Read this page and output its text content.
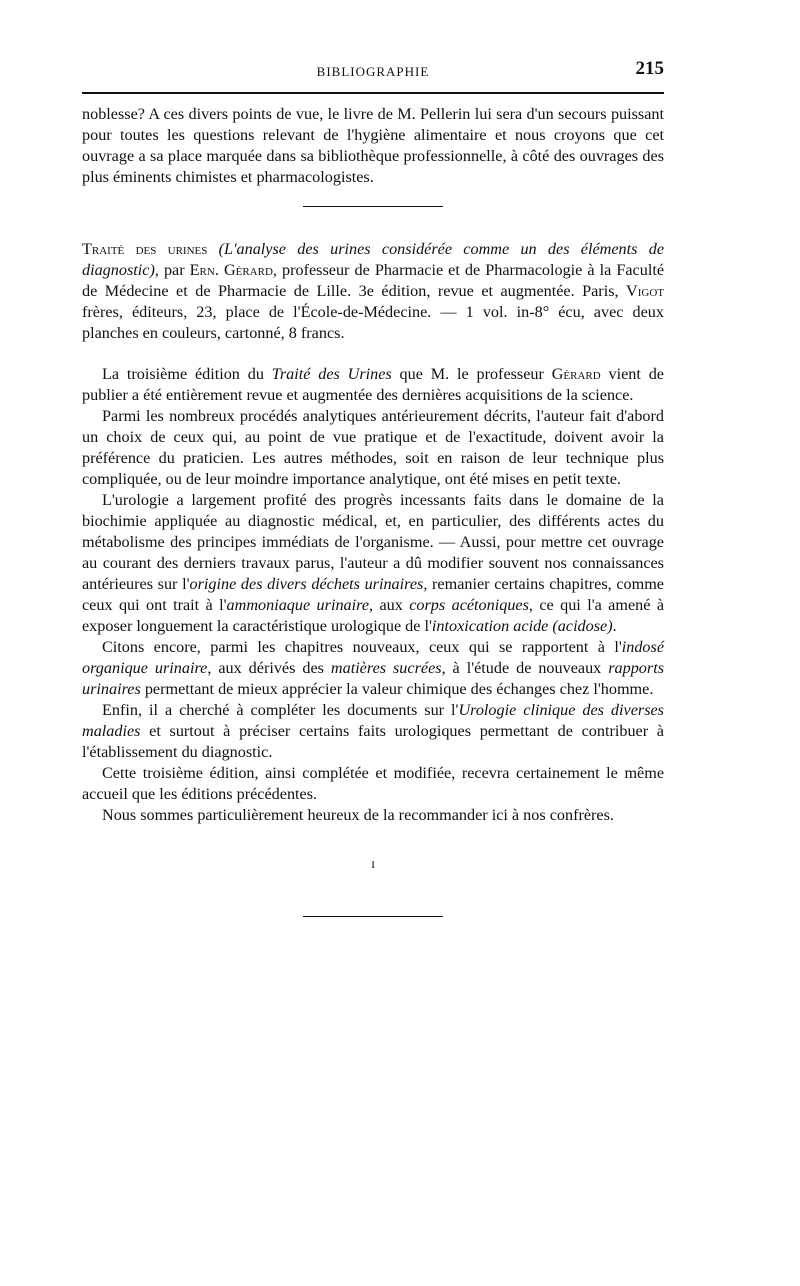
BIBLIOGRAPHIE	215

noblesse? A ces divers points de vue, le livre de M. Pellerin lui sera d'un secours puissant pour toutes les questions relevant de l'hygiène alimentaire et nous croyons que cet ouvrage a sa place marquée dans sa bibliothèque professionnelle, à côté des ouvrages des plus éminents chimistes et pharmacologistes.

Traité des urines (L'analyse des urines considérée comme un des éléments de diagnostic), par Ern. Gérard, professeur de Pharmacie et de Pharmacologie à la Faculté de Médecine et de Pharmacie de Lille. 3e édition, revue et augmentée. Paris, Vigot frères, éditeurs, 23, place de l'École-de-Médecine. — 1 vol. in-8° écu, avec deux planches en couleurs, cartonné, 8 francs.

La troisième édition du Traité des Urines que M. le professeur Gérard vient de publier a été entièrement revue et augmentée des dernières acquisitions de la science.

Parmi les nombreux procédés analytiques antérieurement décrits, l'auteur fait d'abord un choix de ceux qui, au point de vue pratique et de l'exactitude, doivent avoir la préférence du praticien. Les autres méthodes, soit en raison de leur technique plus compliquée, ou de leur moindre importance analytique, ont été mises en petit texte.

L'urologie a largement profité des progrès incessants faits dans le domaine de la biochimie appliquée au diagnostic médical, et, en particulier, des différents actes du métabolisme des principes immédiats de l'organisme. — Aussi, pour mettre cet ouvrage au courant des derniers travaux parus, l'auteur a dû modifier souvent nos connaissances antérieures sur l'origine des divers déchets urinaires, remanier certains chapitres, comme ceux qui ont trait à l'ammoniaque urinaire, aux corps acétoniques, ce qui l'a amené à exposer longuement la caractéristique urologique de l'intoxication acide (acidose).

Citons encore, parmi les chapitres nouveaux, ceux qui se rapportent à l'indosé organique urinaire, aux dérivés des matières sucrées, à l'étude de nouveaux rapports urinaires permettant de mieux apprécier la valeur chimique des échanges chez l'homme.

Enfin, il a cherché à compléter les documents sur l'Urologie clinique des diverses maladies et surtout à préciser certains faits urologiques permettant de contribuer à l'établissement du diagnostic.

Cette troisième édition, ainsi complétée et modifiée, recevra certainement le même accueil que les éditions précédentes.

Nous sommes particulièrement heureux de la recommander ici à nos confrères.

ᶦ
